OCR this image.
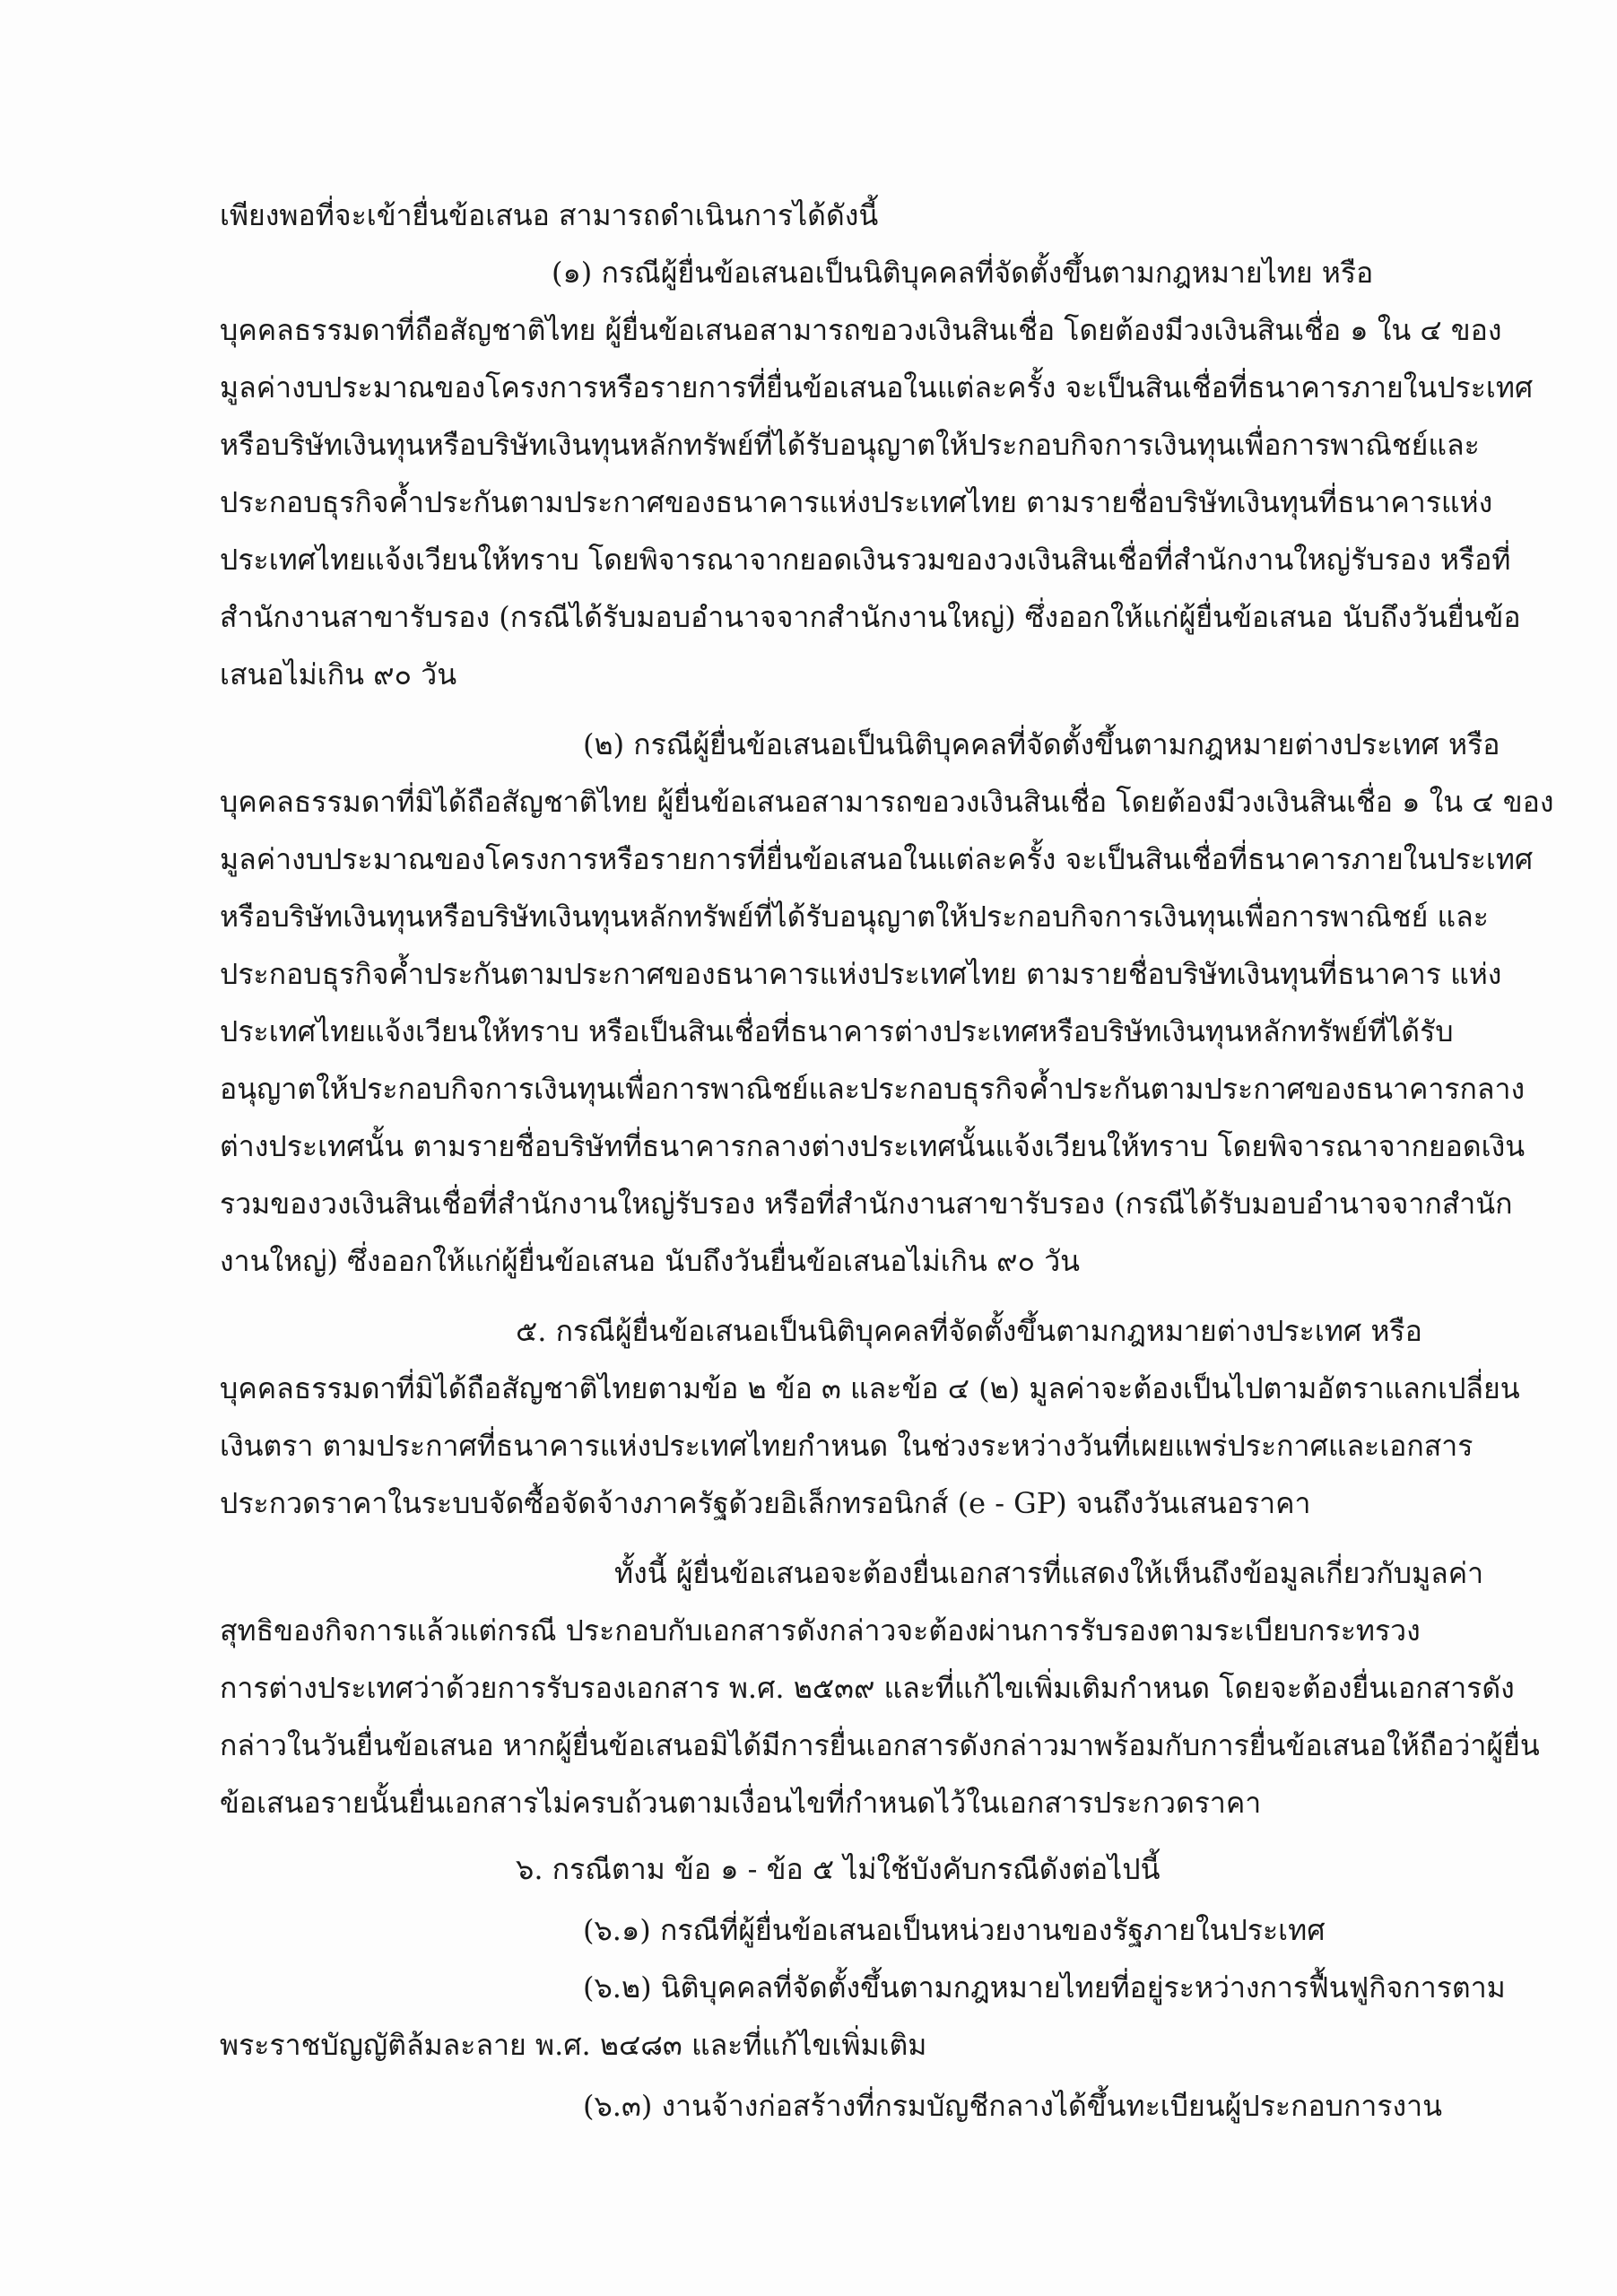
เพียงพอที่จะเข้ายื่นข้อเสนอ สามารถดำเนินการได้ดังนี้

(๑) กรณีผู้ยื่นข้อเสนอเป็นนิติบุคคลที่จัดตั้งขึ้นตามกฎหมายไทย หรือ

บุคคลธรรมดาที่ถือสัญชาติไทย ผู้ยื่นข้อเสนอสามารถขอวงเงินสินเชื่อ โดยต้องมีวงเงินสินเชื่อ ๑ ใน ๔ ของ

มูลค่างบประมาณของโครงการหรือรายการที่ยื่นข้อเสนอในแต่ละครั้ง จะเป็นสินเชื่อที่ธนาคารภายในประเทศ

หรือบริษัทเงินทุนหรือบริษัทเงินทุนหลักทรัพย์ที่ได้รับอนุญาตให้ประกอบกิจการเงินทุนเพื่อการพาณิชย์และ

ประกอบธุรกิจค้ำประกันตามประกาศของธนาคารแห่งประเทศไทย ตามรายชื่อบริษัทเงินทุนที่ธนาคารแห่ง

ประเทศไทยแจ้งเวียนให้ทราบ โดยพิจารณาจากยอดเงินรวมของวงเงินสินเชื่อที่สำนักงานใหญ่รับรอง หรือที่

สำนักงานสาขารับรอง (กรณีได้รับมอบอำนาจจากสำนักงานใหญ่) ซึ่งออกให้แก่ผู้ยื่นข้อเสนอ นับถึงวันยื่นข้อ

เสนอไม่เกิน ๙๐ วัน

(๒) กรณีผู้ยื่นข้อเสนอเป็นนิติบุคคลที่จัดตั้งขึ้นตามกฎหมายต่างประเทศ หรือ

บุคคลธรรมดาที่มิได้ถือสัญชาติไทย ผู้ยื่นข้อเสนอสามารถขอวงเงินสินเชื่อ โดยต้องมีวงเงินสินเชื่อ ๑ ใน ๔ ของ

มูลค่างบประมาณของโครงการหรือรายการที่ยื่นข้อเสนอในแต่ละครั้ง จะเป็นสินเชื่อที่ธนาคารภายในประเทศ

หรือบริษัทเงินทุนหรือบริษัทเงินทุนหลักทรัพย์ที่ได้รับอนุญาตให้ประกอบกิจการเงินทุนเพื่อการพาณิชย์ และ

ประกอบธุรกิจค้ำประกันตามประกาศของธนาคารแห่งประเทศไทย ตามรายชื่อบริษัทเงินทุนที่ธนาคาร แห่ง

ประเทศไทยแจ้งเวียนให้ทราบ หรือเป็นสินเชื่อที่ธนาคารต่างประเทศหรือบริษัทเงินทุนหลักทรัพย์ที่ได้รับ

อนุญาตให้ประกอบกิจการเงินทุนเพื่อการพาณิชย์และประกอบธุรกิจค้ำประกันตามประกาศของธนาคารกลาง

ต่างประเทศนั้น ตามรายชื่อบริษัทที่ธนาคารกลางต่างประเทศนั้นแจ้งเวียนให้ทราบ โดยพิจารณาจากยอดเงิน

รวมของวงเงินสินเชื่อที่สำนักงานใหญ่รับรอง หรือที่สำนักงานสาขารับรอง (กรณีได้รับมอบอำนาจจากสำนัก

งานใหญ่) ซึ่งออกให้แก่ผู้ยื่นข้อเสนอ นับถึงวันยื่นข้อเสนอไม่เกิน ๙๐ วัน

๕. กรณีผู้ยื่นข้อเสนอเป็นนิติบุคคลที่จัดตั้งขึ้นตามกฎหมายต่างประเทศ หรือ

บุคคลธรรมดาที่มิได้ถือสัญชาติไทยตามข้อ ๒ ข้อ ๓ และข้อ ๔ (๒) มูลค่าจะต้องเป็นไปตามอัตราแลกเปลี่ยน

เงินตรา ตามประกาศที่ธนาคารแห่งประเทศไทยกำหนด ในช่วงระหว่างวันที่เผยแพร่ประกาศและเอกสาร

ประกวดราคาในระบบจัดซื้อจัดจ้างภาครัฐด้วยอิเล็กทรอนิกส์ (e - GP) จนถึงวันเสนอราคา

ทั้งนี้ ผู้ยื่นข้อเสนอจะต้องยื่นเอกสารที่แสดงให้เห็นถึงข้อมูลเกี่ยวกับมูลค่า

สุทธิของกิจการแล้วแต่กรณี ประกอบกับเอกสารดังกล่าวจะต้องผ่านการรับรองตามระเบียบกระทรวง

การต่างประเทศว่าด้วยการรับรองเอกสาร พ.ศ. ๒๕๓๙ และที่แก้ไขเพิ่มเติมกำหนด โดยจะต้องยื่นเอกสารดัง

กล่าวในวันยื่นข้อเสนอ หากผู้ยื่นข้อเสนอมิได้มีการยื่นเอกสารดังกล่าวมาพร้อมกับการยื่นข้อเสนอให้ถือว่าผู้ยื่น

ข้อเสนอรายนั้นยื่นเอกสารไม่ครบถ้วนตามเงื่อนไขที่กำหนดไว้ในเอกสารประกวดราคา

๖. กรณีตาม ข้อ ๑ - ข้อ ๕ ไม่ใช้บังคับกรณีดังต่อไปนี้

(๖.๑) กรณีที่ผู้ยื่นข้อเสนอเป็นหน่วยงานของรัฐภายในประเทศ

(๖.๒) นิติบุคคลที่จัดตั้งขึ้นตามกฎหมายไทยที่อยู่ระหว่างการฟื้นฟูกิจการตาม

พระราชบัญญัติล้มละลาย พ.ศ. ๒๔๘๓ และที่แก้ไขเพิ่มเติม

(๖.๓) งานจ้างก่อสร้างที่กรมบัญชีกลางได้ขึ้นทะเบียนผู้ประกอบการงาน
